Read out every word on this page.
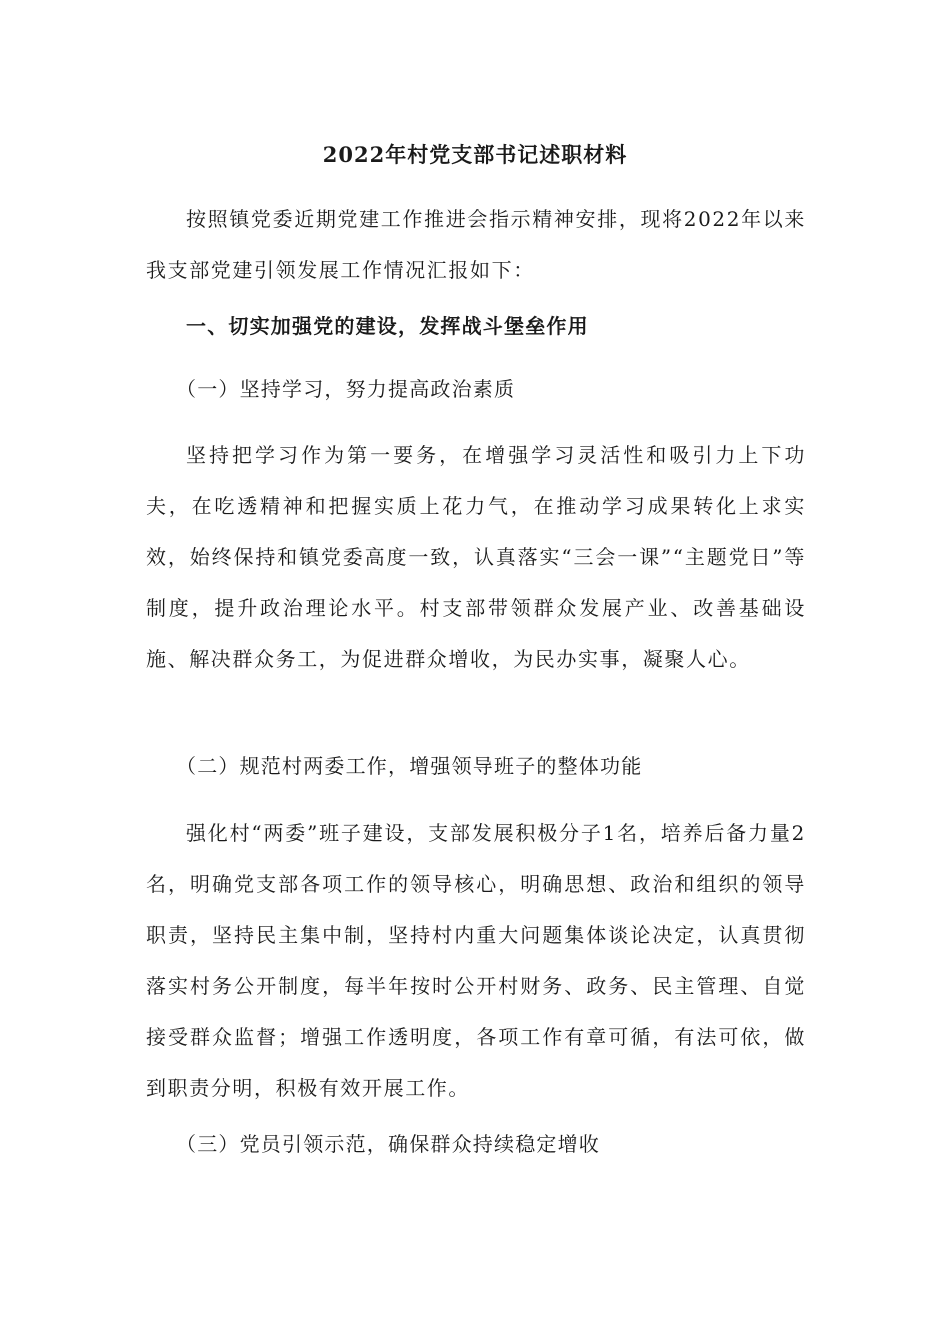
2022年村党支部书记述职材料

按照镇党委近期党建工作推进会指示精神安排，现将2022年以来我支部党建引领发展工作情况汇报如下：

一、切实加强党的建设，发挥战斗堡垒作用
（一）坚持学习，努力提高政治素质

坚持把学习作为第一要务，在增强学习灵活性和吸引力上下功夫，在吃透精神和把握实质上花力气，在推动学习成果转化上求实效，始终保持和镇党委高度一致，认真落实“三会一课”“主题党日”等制度，提升政治理论水平。村支部带领群众发展产业、改善基础设施、解决群众务工，为促进群众增收，为民办实事，凝聚人心。

（二）规范村两委工作，增强领导班子的整体功能

强化村“两委”班子建设，支部发展积极分子1名，培养后备力量2名，明确党支部各项工作的领导核心，明确思想、政治和组织的领导职责，坚持民主集中制，坚持村内重大问题集体谈论决定，认真贯彻落实村务公开制度，每半年按时公开村财务、政务、民主管理、自觉接受群众监督；增强工作透明度，各项工作有章可循，有法可依，做到职责分明，积极有效开展工作。

（三）党员引领示范，确保群众持续稳定增收
